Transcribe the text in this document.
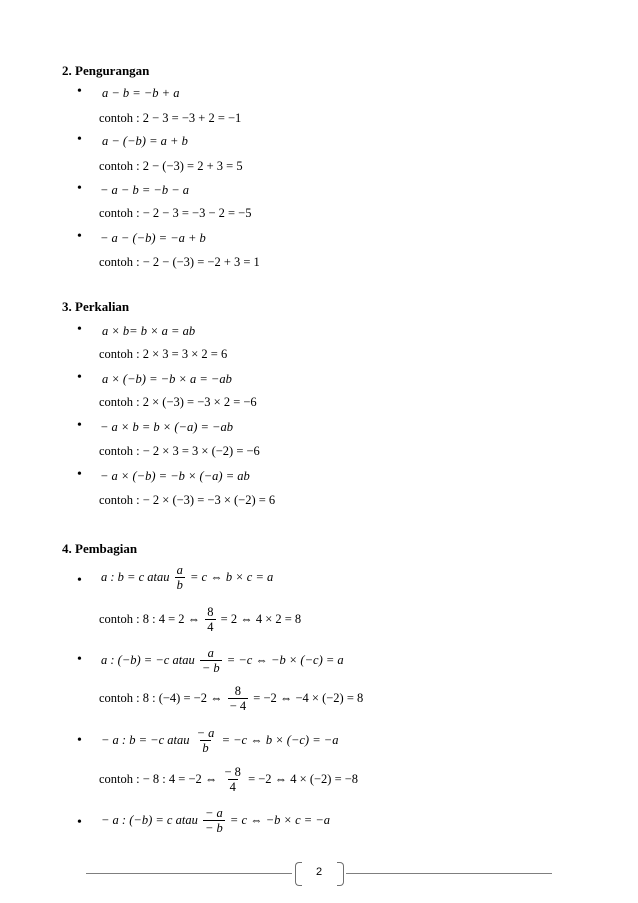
2. Pengurangan
• a − b = −b + a
contoh : 2 − 3 = −3 + 2 = −1
• a − (−b) = a + b
contoh : 2 − (−3) = 2 + 3 = 5
• − a − b = −b − a
contoh : − 2 − 3 = −3 − 2 = −5
• − a − (−b) = −a + b
contoh : − 2 − (−3) = −2 + 3 = 1
3. Perkalian
• a × b= b × a = ab
contoh : 2 × 3 = 3 × 2 = 6
• a × (−b) = −b × a = −ab
contoh : 2 × (−3) = −3 × 2 = −6
• − a × b = b × (−a) = −ab
contoh : − 2 × 3 = 3 × (−2) = −6
• − a × (−b) = −b × (−a) = ab
contoh : − 2 × (−3) = −3 × (−2) = 6
4. Pembagian
• a : b = c atau $\frac{a}{b} = c$ ⇔ b × c = a
contoh : 8 : 4 = 2 ⇔ $\frac{8}{4} = 2$ ⇔ 4 × 2 = 8
• a : (−b) = −c atau $\frac{a}{- b} = -c$ ⇔ −b × (−c) = a
contoh : 8 : (−4) = −2 ⇔ $\frac{8}{- 4} = -2$ ⇔ −4 × (−2) = 8
• − a : b = −c atau $\frac{- a}{b} = -c$ ⇔ b × (−c) = −a
contoh : − 8 : 4 = −2 ⇔ $\frac{- 8}{4} = -2$ ⇔ 4 × (−2) = −8
• − a : (−b) = c atau $\frac{- a}{- b} = c$ ⇔ −b × c = −a
2
